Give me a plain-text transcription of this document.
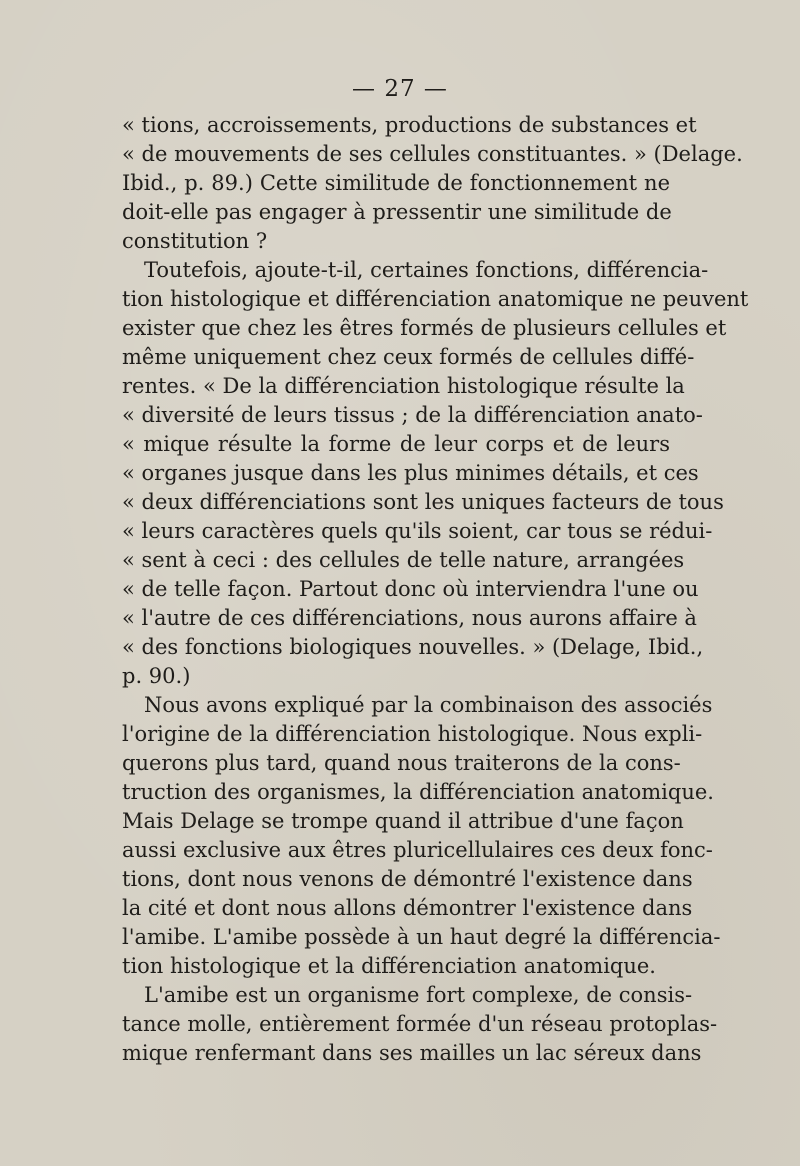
— 27 —
« tions, accroissements, productions de substances et
« de mouvements de ses cellules constituantes. » (Delage.
Ibid., p. 89.) Cette similitude de fonctionnement ne
doit-elle pas engager à pressentir une similitude de
constitution ?
Toutefois, ajoute-t-il, certaines fonctions, différencia-
tion histologique et différenciation anatomique ne peuvent
exister que chez les êtres formés de plusieurs cellules et
même uniquement chez ceux formés de cellules diffé-
rentes. « De la différenciation histologique résulte la
« diversité de leurs tissus ; de la différenciation anato-
« mique résulte la forme de leur corps et de leurs
« organes jusque dans les plus minimes détails, et ces
« deux différenciations sont les uniques facteurs de tous
« leurs caractères quels qu'ils soient, car tous se rédui-
« sent à ceci : des cellules de telle nature, arrangées
« de telle façon. Partout donc où interviendra l'une ou
« l'autre de ces différenciations, nous aurons affaire à
« des fonctions biologiques nouvelles. » (Delage, Ibid.,
p. 90.)
Nous avons expliqué par la combinaison des associés
l'origine de la différenciation histologique. Nous expli-
querons plus tard, quand nous traiterons de la cons-
truction des organismes, la différenciation anatomique.
Mais Delage se trompe quand il attribue d'une façon
aussi exclusive aux êtres pluricellulaires ces deux fonc-
tions, dont nous venons de démontré l'existence dans
la cité et dont nous allons démontrer l'existence dans
l'amibe. L'amibe possède à un haut degré la différencia-
tion histologique et la différenciation anatomique.
L'amibe est un organisme fort complexe, de consis-
tance molle, entièrement formée d'un réseau protoplas-
mique renfermant dans ses mailles un lac séreux dans
